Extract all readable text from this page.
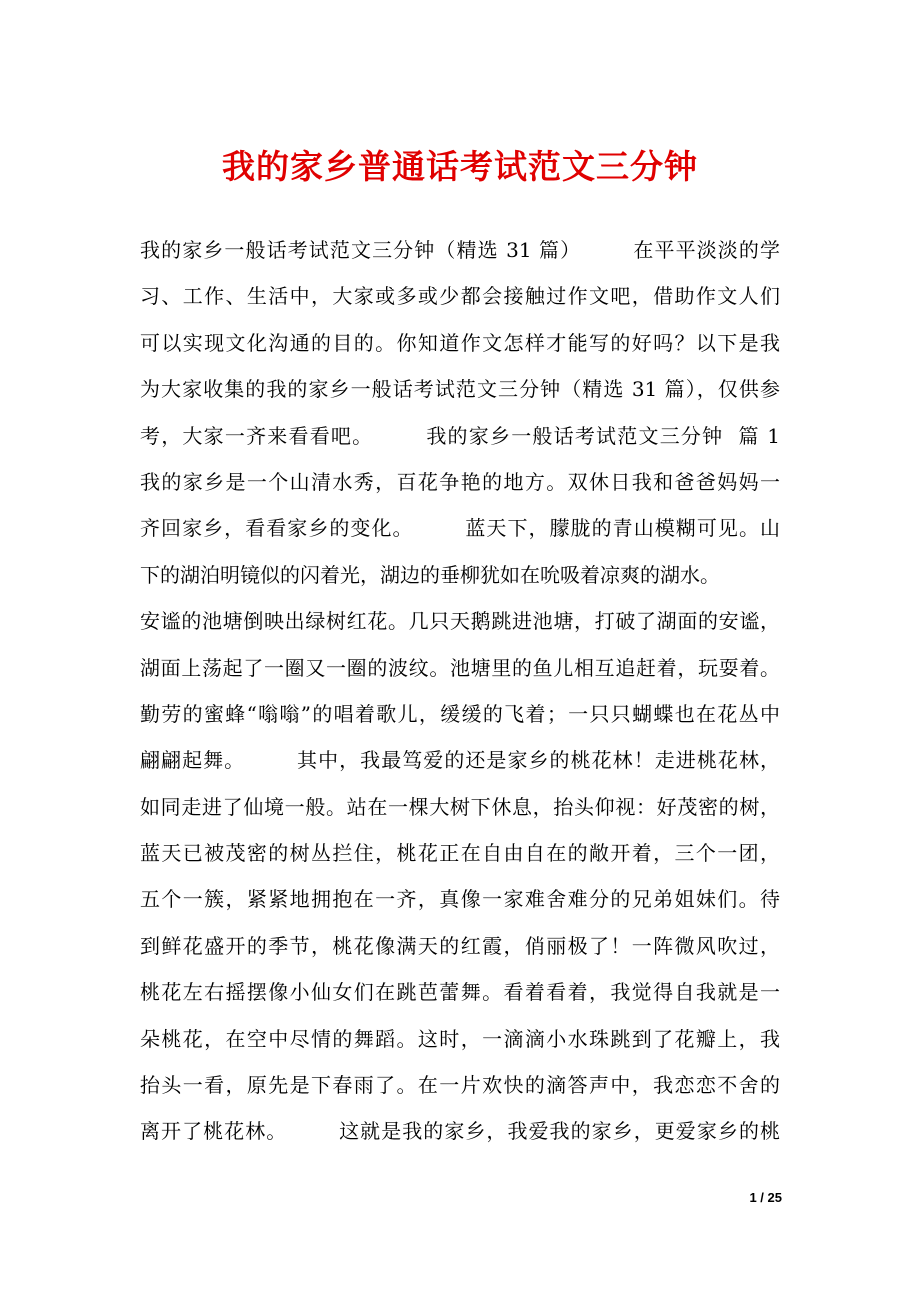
我的家乡普通话考试范文三分钟
我的家乡一般话考试范文三分钟（精选 31 篇）       在平平淡淡的学
习、工作、生活中，大家或多或少都会接触过作文吧，借助作文人们
可以实现文化沟通的目的。你知道作文怎样才能写的好吗？以下是我
为大家收集的我的家乡一般话考试范文三分钟（精选 31 篇），仅供参
考，大家一齐来看看吧。       我的家乡一般话考试范文三分钟  篇 1
我的家乡是一个山清水秀，百花争艳的地方。双休日我和爸爸妈妈一
齐回家乡，看看家乡的变化。       蓝天下，朦胧的青山模糊可见。山
下的湖泊明镜似的闪着光，湖边的垂柳犹如在吮吸着凉爽的湖水。
安谧的池塘倒映出绿树红花。几只天鹅跳进池塘，打破了湖面的安谧，
湖面上荡起了一圈又一圈的波纹。池塘里的鱼儿相互追赶着，玩耍着。
勤劳的蜜蜂“嗡嗡”的唱着歌儿，缓缓的飞着；一只只蝴蝶也在花丛中
翩翩起舞。       其中，我最笃爱的还是家乡的桃花林！走进桃花林，
如同走进了仙境一般。站在一棵大树下休息，抬头仰视：好茂密的树，
蓝天已被茂密的树丛拦住，桃花正在自由自在的敞开着，三个一团，
五个一簇，紧紧地拥抱在一齐，真像一家难舍难分的兄弟姐妹们。待
到鲜花盛开的季节，桃花像满天的红霞，俏丽极了！一阵微风吹过，
桃花左右摇摆像小仙女们在跳芭蕾舞。看着看着，我觉得自我就是一
朵桃花，在空中尽情的舞蹈。这时，一滴滴小水珠跳到了花瓣上，我
抬头一看，原先是下春雨了。在一片欢快的滴答声中，我恋恋不舍的
离开了桃花林。       这就是我的家乡，我爱我的家乡，更爱家乡的桃
1 / 25
